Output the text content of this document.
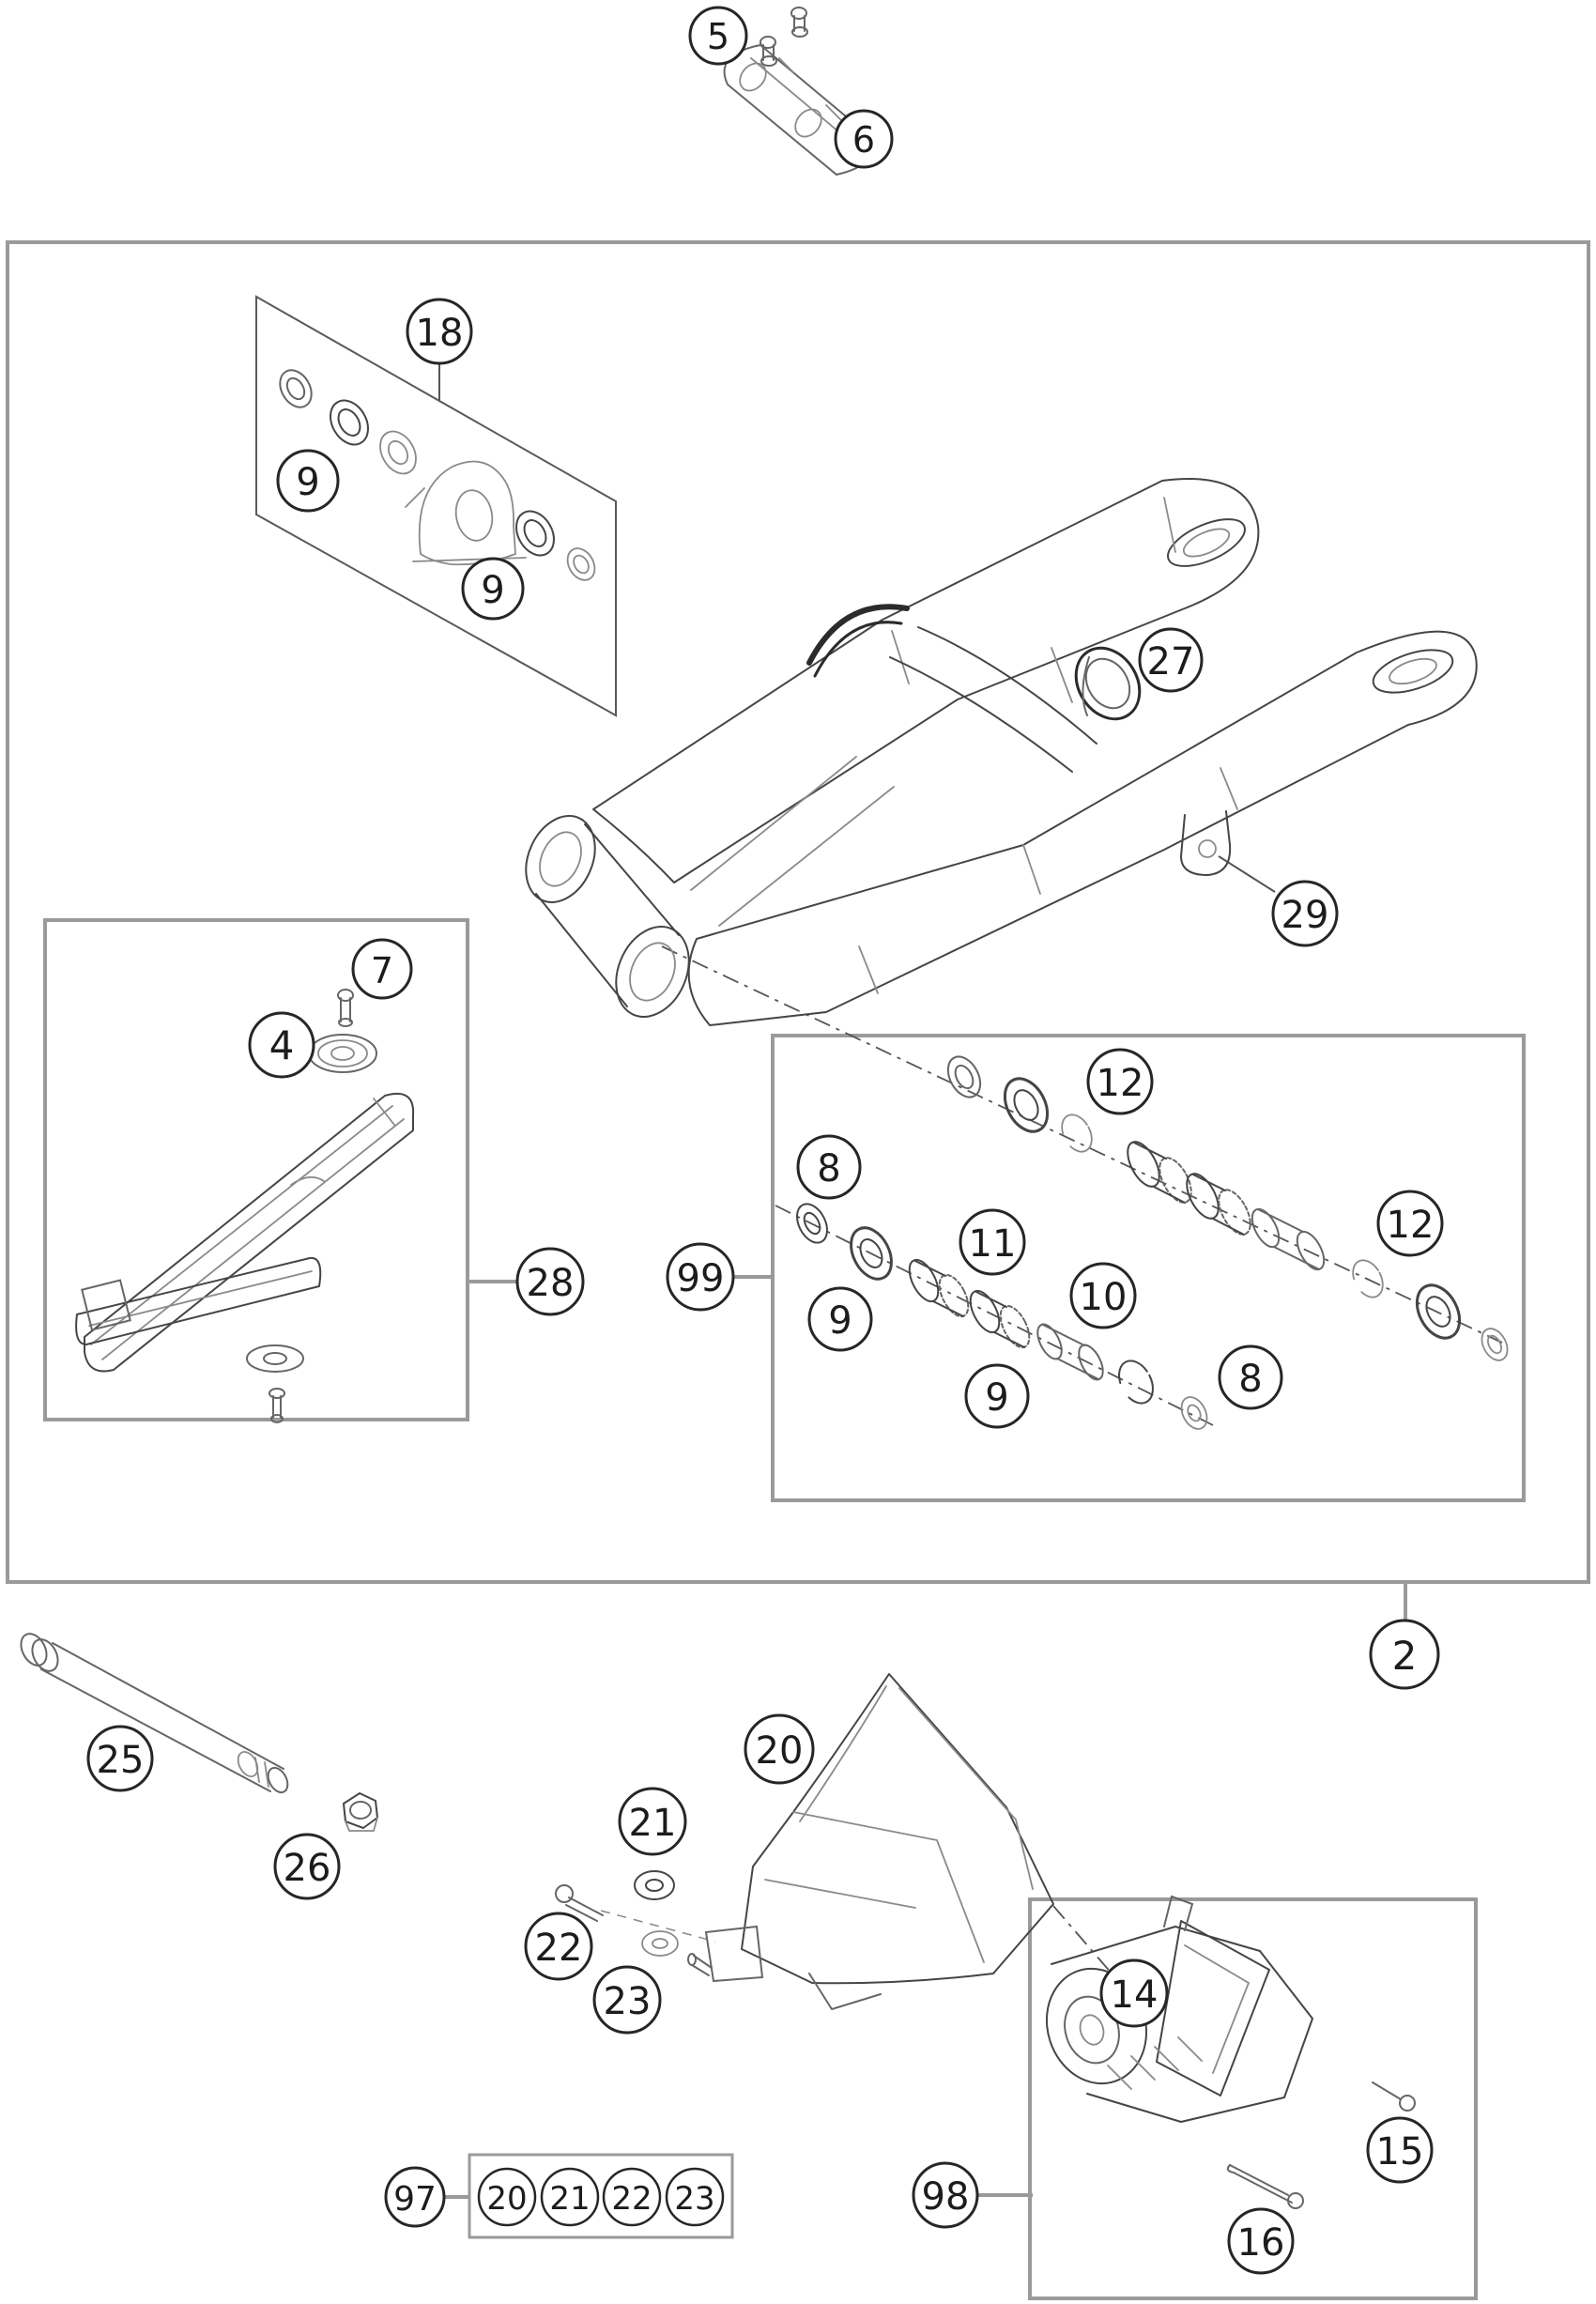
5
6
18
9
9
27
29
7
4
28	99
12
12
8
11
9
10
9	8
2
25
26
20
21
22
23	14
15
16
97	98
20 21 22 23
